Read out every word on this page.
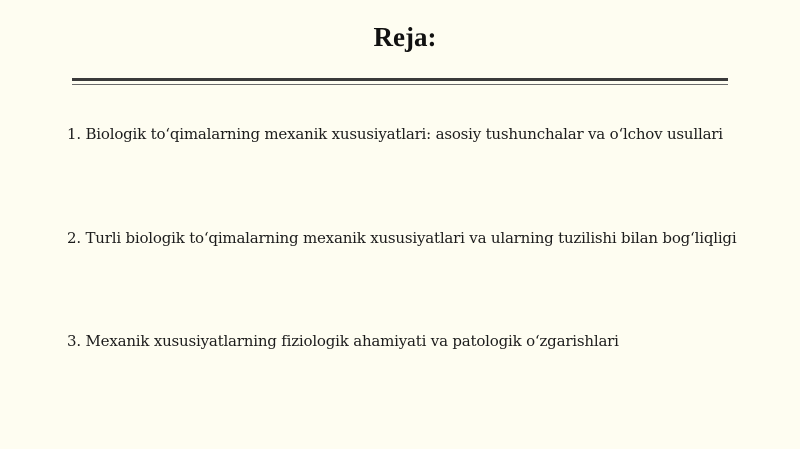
Reja:
1. Biologik to‘qimalarning mexanik xususiyatlari: asosiy tushunchalar va o‘lchov usullari
2. Turli biologik to‘qimalarning mexanik xususiyatlari va ularning tuzilishi bilan bog‘liqligi
3. Mexanik xususiyatlarning fiziologik ahamiyati va patologik o‘zgarishlari
